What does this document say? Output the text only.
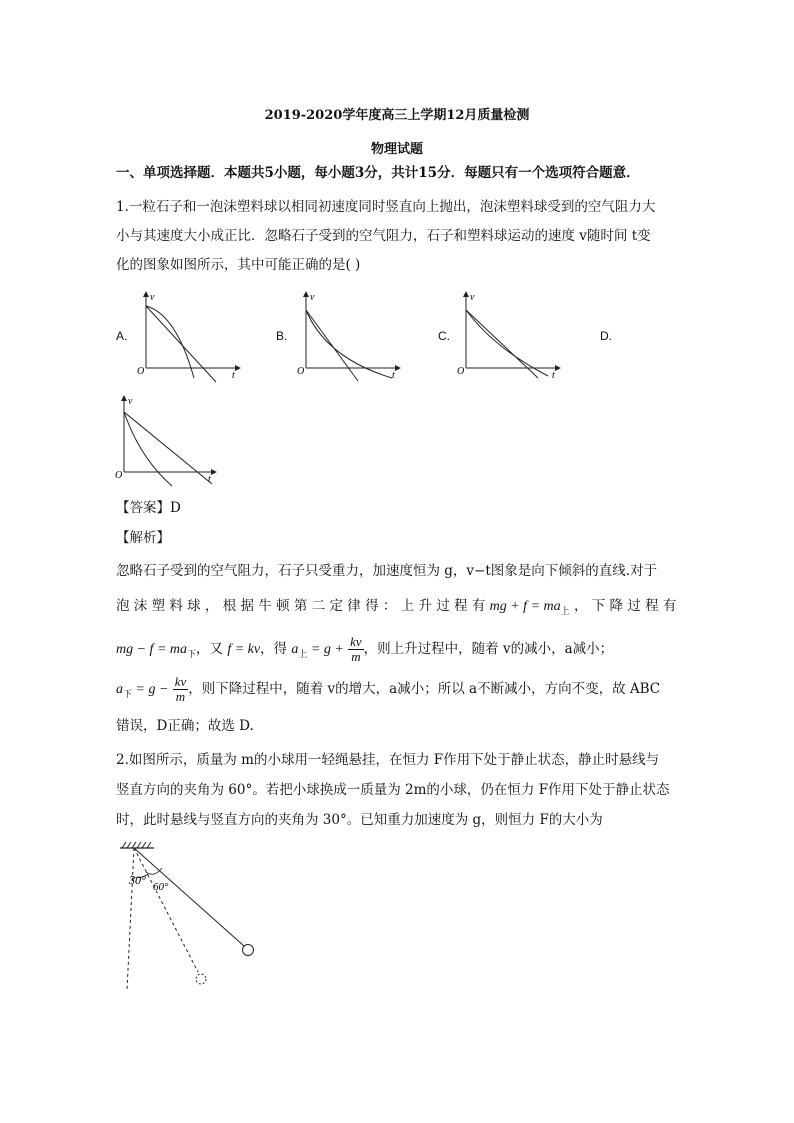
2019-2020学年度高三上学期12月质量检测
物理试题
一、单项选择题．本题共5小题，每小题3分，共计15分．每题只有一个选项符合题意．
1.一粒石子和一泡沫塑料球以相同初速度同时竖直向上抛出，泡沫塑料球受到的空气阻力大
小与其速度大小成正比．忽略石子受到的空气阻力，石子和塑料球运动的速度 v随时间 t变
化的图象如图所示，其中可能正确的是( )
A.	B.	C.	D.
v
t
O
v
t
O
v
t
O
v
t
O
【答案】D
【解析】
忽略石子受到的空气阻力，石子只受重力，加速度恒为 g，v−t图象是向下倾斜的直线.对于
泡 沫 塑 料 球 ， 根 据 牛 顿 第 二 定 律 得 ： 上 升 过 程 有 mg + $f = ma_上$ ， 下 降 过 程 有
mg − $f = ma_下$，又 f = kv，得 $a_上 = g + \frac{kv}{m}$ ，则上升过程中，随着 v的减小，a减小；
$a_下 = g - \frac{kv}{m}$ ，则下降过程中，随着 v的增大，a减小；所以 a不断减小，方向不变，故 ABC
错误，D正确；故选 D.
2.如图所示，质量为 m的小球用一轻绳悬挂，在恒力 F作用下处于静止状态，静止时悬线与
竖直方向的夹角为 60°。若把小球换成一质量为 2m的小球，仍在恒力 F作用下处于静止状态
时，此时悬线与竖直方向的夹角为 30°。已知重力加速度为 g，则恒力 F的大小为
30° 60°
